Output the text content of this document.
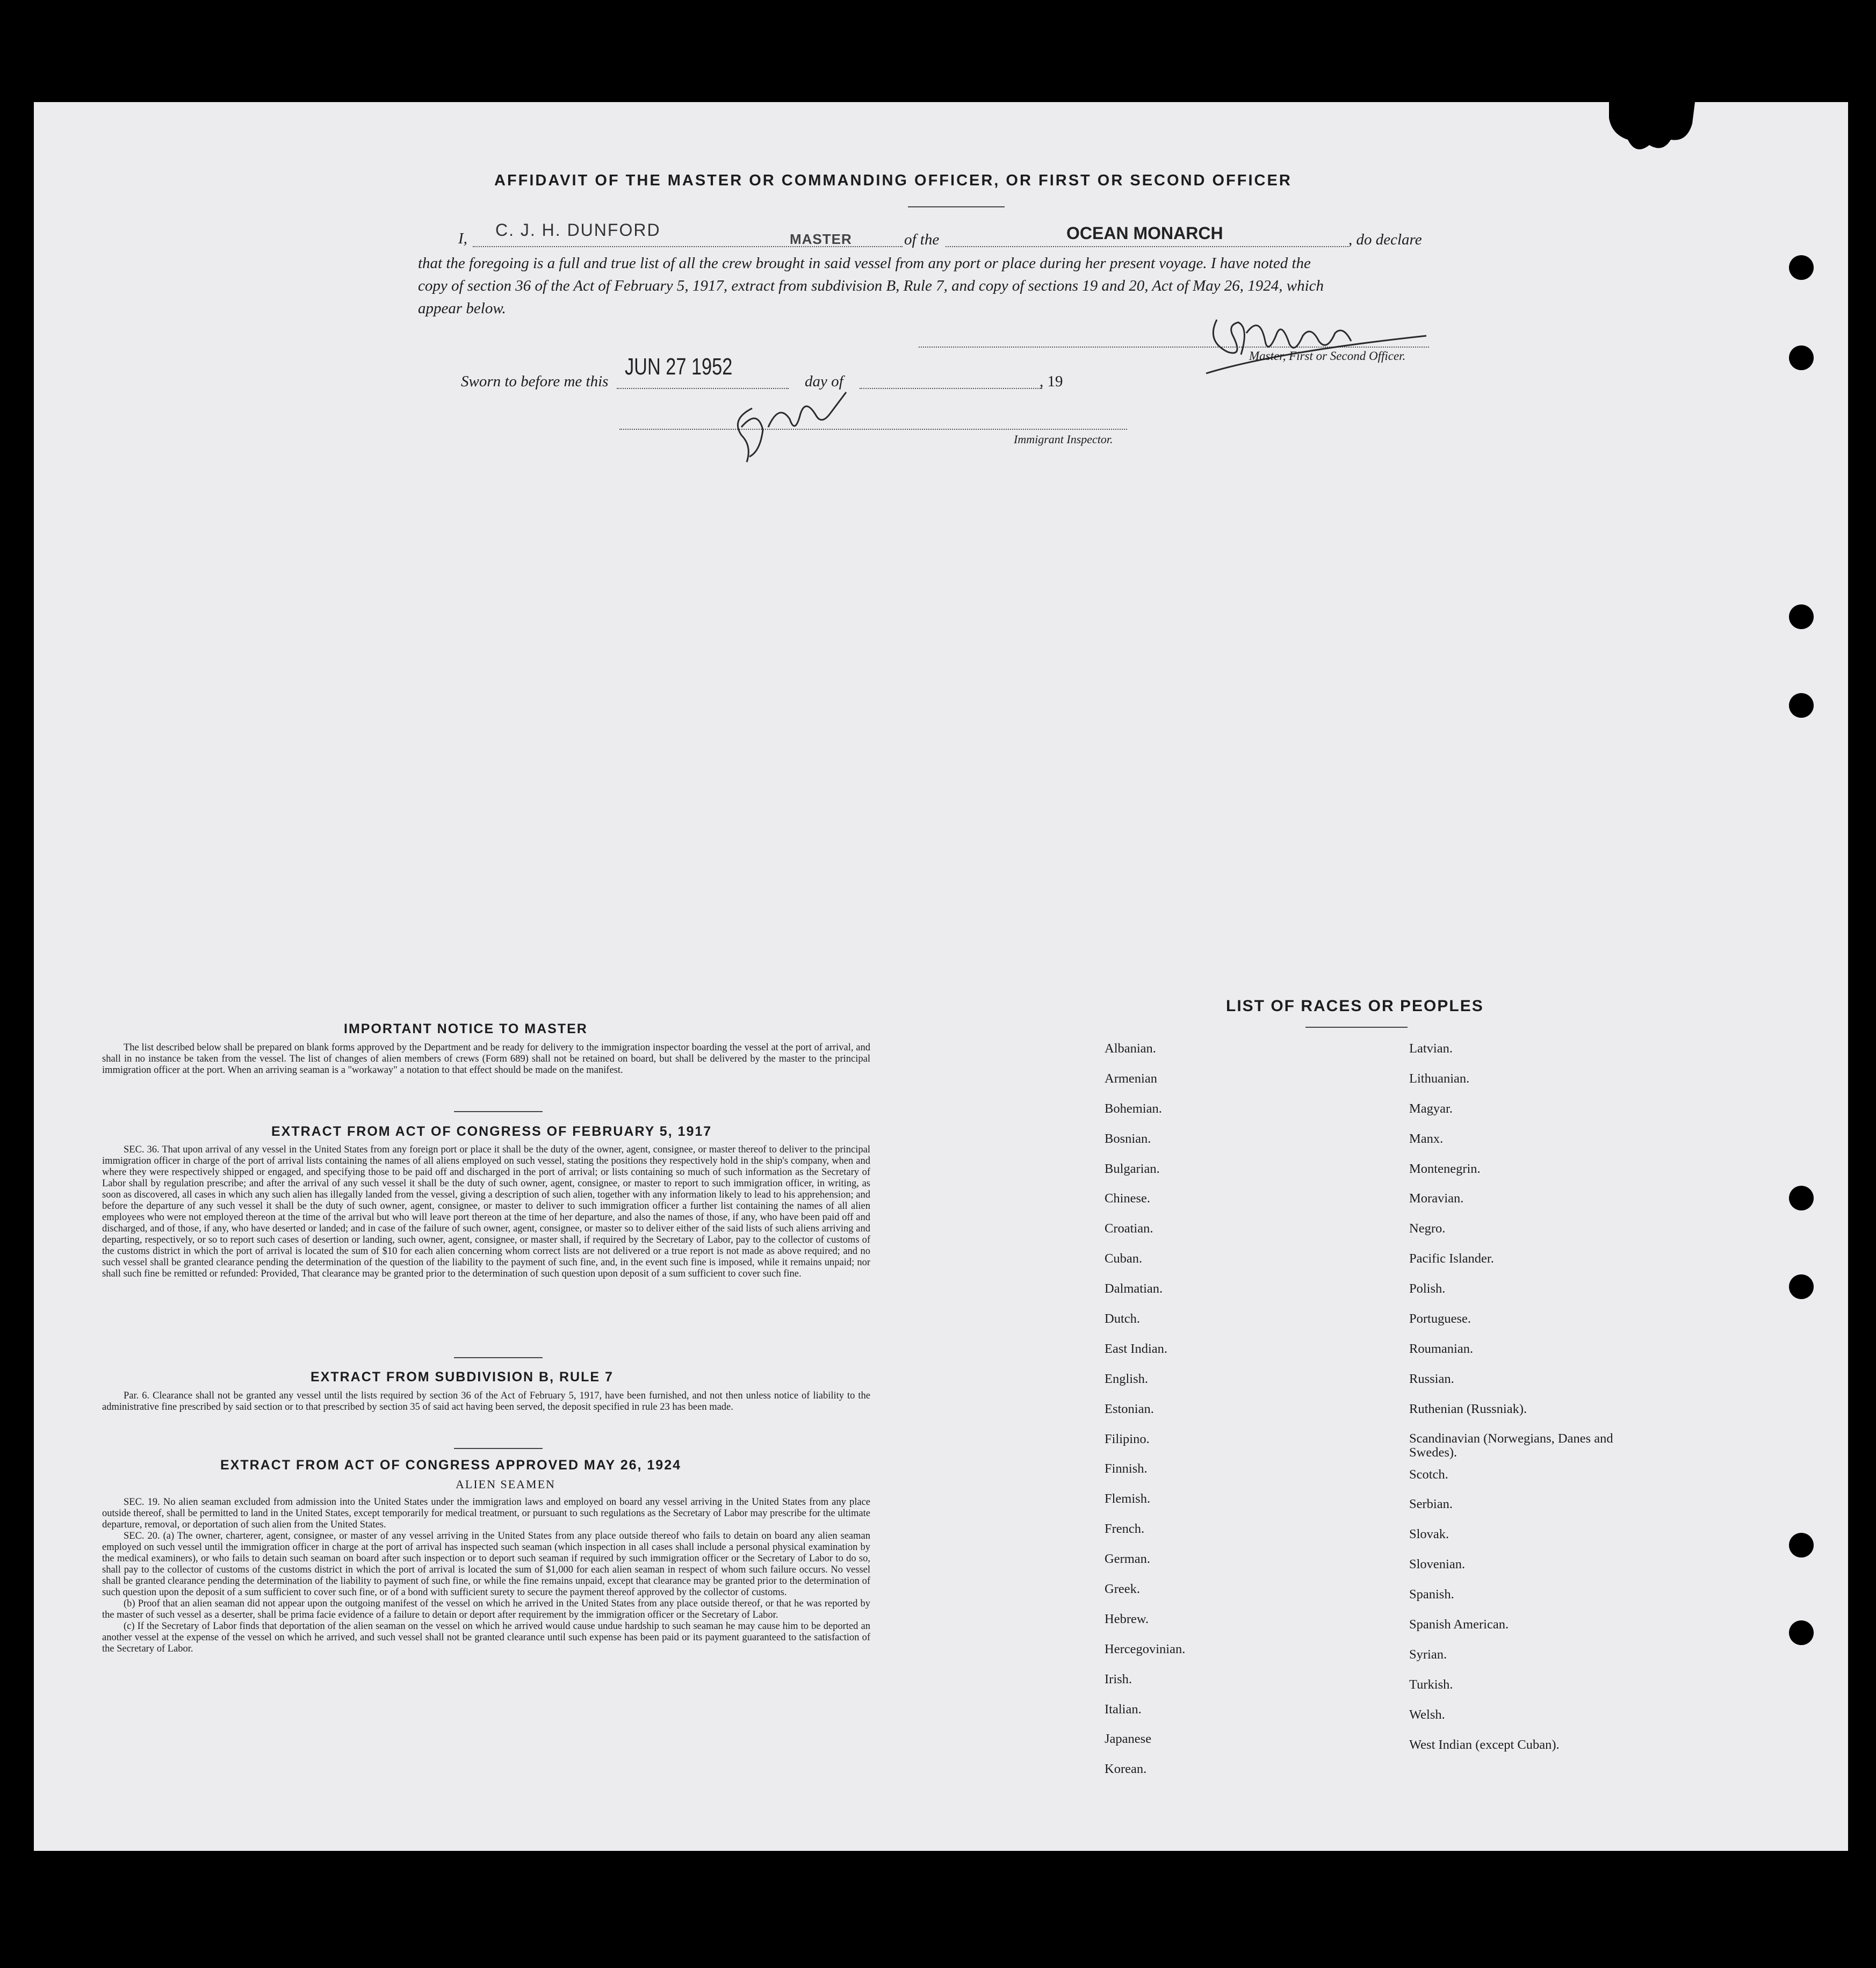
AFFIDAVIT OF THE MASTER OR COMMANDING OFFICER, OR FIRST OR SECOND OFFICER
I, C. J. H. DUNFORD	MASTER	of the	OCEAN MONARCH	, do declare
that the foregoing is a full and true list of all the crew brought in said vessel from any port or place during her present voyage. I have noted the
copy of section 36 of the Act of February 5, 1917, extract from subdivision B, Rule 7, and copy of sections 19 and 20, Act of May 26, 1924, which
appear below.
Master, First or Second Officer.
Sworn to before me this
JUN 27 1952
day of	, 19
Immigrant Inspector.
IMPORTANT NOTICE TO MASTER

The list described below shall be prepared on blank forms approved by the Department and be ready for delivery to the immigration inspector boarding the vessel at the port of arrival, and shall in no instance be taken from the vessel. The list of changes of alien members of crews (Form 689) shall not be retained on board, but shall be delivered by the master to the principal immigration officer at the port. When an arriving seaman is a "workaway" a notation to that effect should be made on the manifest.

EXTRACT FROM ACT OF CONGRESS OF FEBRUARY 5, 1917

SEC. 36. That upon arrival of any vessel in the United States from any foreign port or place it shall be the duty of the owner, agent, consignee, or master thereof to deliver to the principal immigration officer in charge of the port of arrival lists containing the names of all aliens employed on such vessel, stating the positions they respectively hold in the ship's company, when and where they were respectively shipped or engaged, and specifying those to be paid off and discharged in the port of arrival; or lists containing so much of such information as the Secretary of Labor shall by regulation prescribe; and after the arrival of any such vessel it shall be the duty of such owner, agent, consignee, or master to report to such immigration officer, in writing, as soon as discovered, all cases in which any such alien has illegally landed from the vessel, giving a description of such alien, together with any information likely to lead to his apprehension; and before the departure of any such vessel it shall be the duty of such owner, agent, consignee, or master to deliver to such immigration officer a further list containing the names of all alien employees who were not employed thereon at the time of the arrival but who will leave port thereon at the time of her departure, and also the names of those, if any, who have been paid off and discharged, and of those, if any, who have deserted or landed; and in case of the failure of such owner, agent, consignee, or master so to deliver either of the said lists of such aliens arriving and departing, respectively, or so to report such cases of desertion or landing, such owner, agent, consignee, or master shall, if required by the Secretary of Labor, pay to the collector of customs of the customs district in which the port of arrival is located the sum of $10 for each alien concerning whom correct lists are not delivered or a true report is not made as above required; and no such vessel shall be granted clearance pending the determination of the question of the liability to the payment of such fine, and, in the event such fine is imposed, while it remains unpaid; nor shall such fine be remitted or refunded: Provided, That clearance may be granted prior to the determination of such question upon deposit of a sum sufficient to cover such fine.

EXTRACT FROM SUBDIVISION B, RULE 7

Par. 6. Clearance shall not be granted any vessel until the lists required by section 36 of the Act of February 5, 1917, have been furnished, and not then unless notice of liability to the administrative fine prescribed by said section or to that prescribed by section 35 of said act having been served, the deposit specified in rule 23 has been made.

EXTRACT FROM ACT OF CONGRESS APPROVED MAY 26, 1924
ALIEN SEAMEN

SEC. 19. No alien seaman excluded from admission into the United States under the immigration laws and employed on board any vessel arriving in the United States from any place outside thereof, shall be permitted to land in the United States, except temporarily for medical treatment, or pursuant to such regulations as the Secretary of Labor may prescribe for the ultimate departure, removal, or deportation of such alien from the United States.

SEC. 20. (a) The owner, charterer, agent, consignee, or master of any vessel arriving in the United States from any place outside thereof who fails to detain on board any alien seaman employed on such vessel until the immigration officer in charge at the port of arrival has inspected such seaman (which inspection in all cases shall include a personal physical examination by the medical examiners), or who fails to detain such seaman on board after such inspection or to deport such seaman if required by such immigration officer or the Secretary of Labor to do so, shall pay to the collector of customs of the customs district in which the port of arrival is located the sum of $1,000 for each alien seaman in respect of whom such failure occurs. No vessel shall be granted clearance pending the determination of the liability to payment of such fine, or while the fine remains unpaid, except that clearance may be granted prior to the determination of such question upon the deposit of a sum sufficient to cover such fine, or of a bond with sufficient surety to secure the payment thereof approved by the collector of customs.

(b) Proof that an alien seaman did not appear upon the outgoing manifest of the vessel on which he arrived in the United States from any place outside thereof, or that he was reported by the master of such vessel as a deserter, shall be prima facie evidence of a failure to detain or deport after requirement by the immigration officer or the Secretary of Labor.

(c) If the Secretary of Labor finds that deportation of the alien seaman on the vessel on which he arrived would cause undue hardship to such seaman he may cause him to be deported an another vessel at the expense of the vessel on which he arrived, and such vessel shall not be granted clearance until such expense has been paid or its payment guaranteed to the satisfaction of the Secretary of Labor.

LIST OF RACES OR PEOPLES
Albanian.
Armenian
Bohemian.
Bosnian.
Bulgarian.
Chinese.
Croatian.
Cuban.
Dalmatian.
Dutch.
East Indian.
English.
Estonian.
Filipino.
Finnish.
Flemish.
French.
German.
Greek.
Hebrew.
Hercegovinian.
Irish.
Italian.
Japanese
Korean.
Latvian.
Lithuanian.
Magyar.
Manx.
Montenegrin.
Moravian.
Negro.
Pacific Islander.
Polish.
Portuguese.
Roumanian.
Russian.
Ruthenian (Russniak).
Scandinavian (Norwegians, Danes and Swedes).
Scotch.
Serbian.
Slovak.
Slovenian.
Spanish.
Spanish American.
Syrian.
Turkish.
Welsh.
West Indian (except Cuban).
